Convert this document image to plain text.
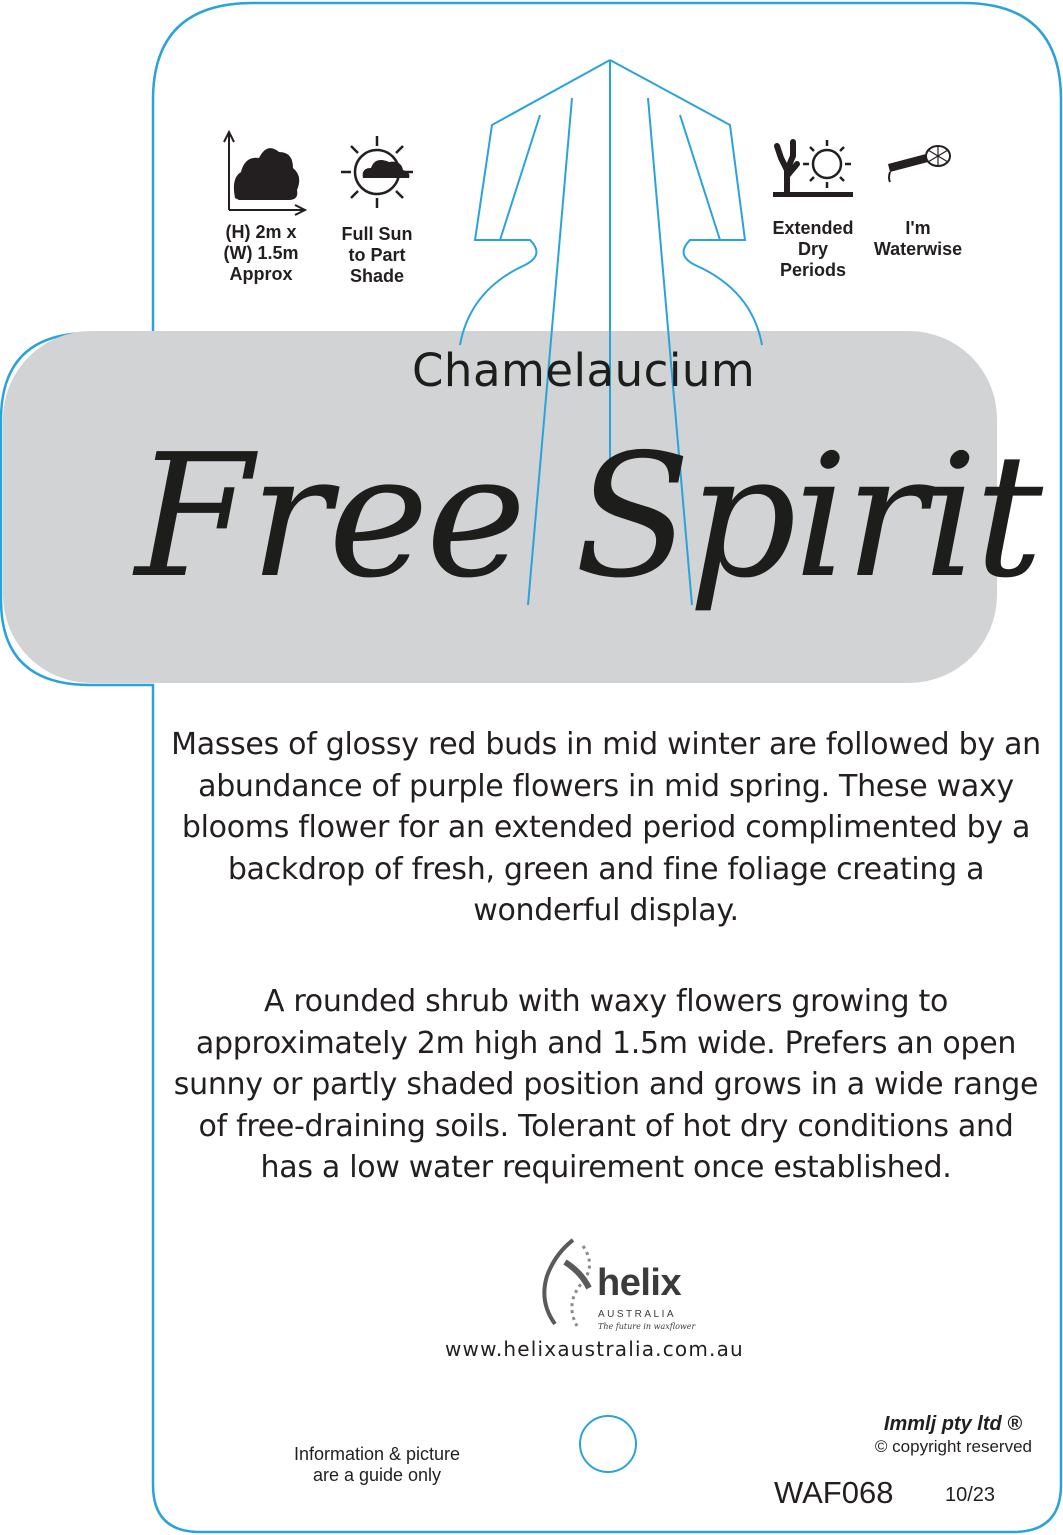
(H) 2m x
(W) 1.5m
Approx
Full Sun
to Part
Shade
Extended
Dry
Periods
I'm
Waterwise
Chamelaucium
Free Spirit
Masses of glossy red buds in mid winter are followed by an abundance of purple flowers in mid spring. These waxy blooms flower for an extended period complimented by a backdrop of fresh, green and fine foliage creating a wonderful display.
A rounded shrub with waxy flowers growing to approximately 2m high and 1.5m wide. Prefers an open sunny or partly shaded position and grows in a wide range of free-draining soils. Tolerant of hot dry conditions and has a low water requirement once established.
helix
AUSTRALIA
The future in waxflower
www.helixaustralia.com.au
Information & picture
are a guide only
Immlj pty ltd ®
© copyright reserved
WAF068	10/23
